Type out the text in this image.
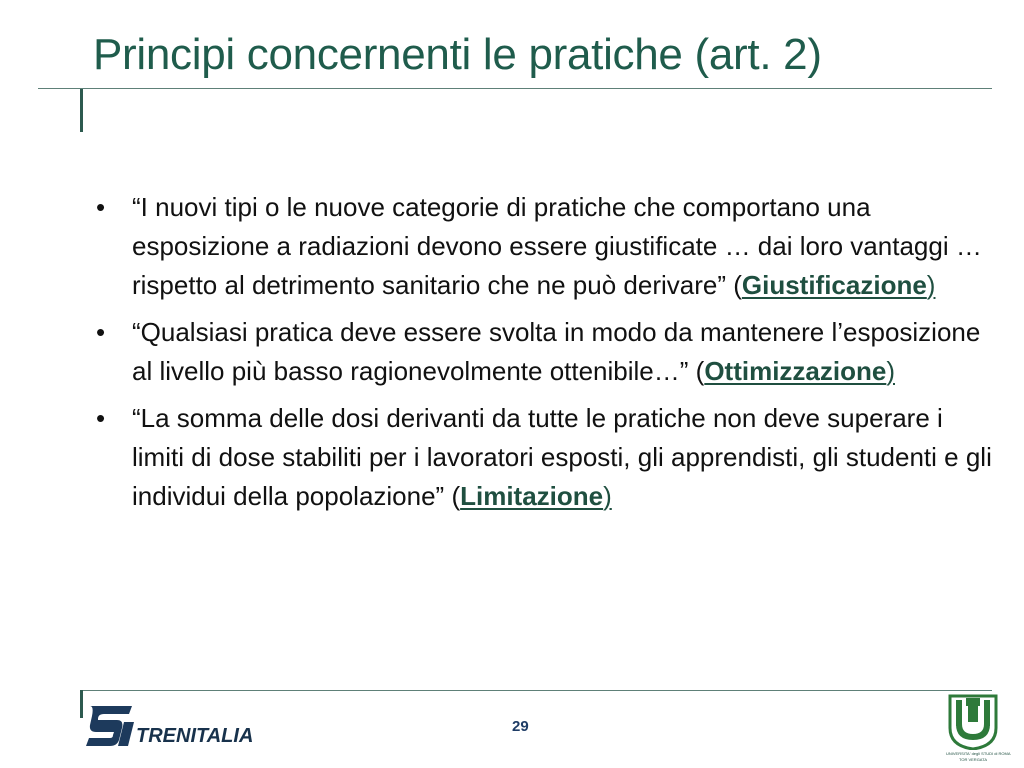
Principi concernenti le pratiche (art. 2)
• “I nuovi tipi o le nuove categorie di pratiche che comportano una esposizione a radiazioni devono essere giustificate … dai loro vantaggi … rispetto al detrimento sanitario che ne può derivare” (Giustificazione)
• “Qualsiasi pratica deve essere svolta in modo da mantenere l’esposizione al livello più basso ragionevolmente ottenibile…” (Ottimizzazione)
• “La somma delle dosi derivanti da tutte le pratiche non deve superare i limiti di dose stabiliti per i lavoratori esposti, gli apprendisti, gli studenti e gli individui della popolazione” (Limitazione)
TRENITALIA	29
UNIVERSITA' degli STUDI di ROMA
TOR VERGATA
